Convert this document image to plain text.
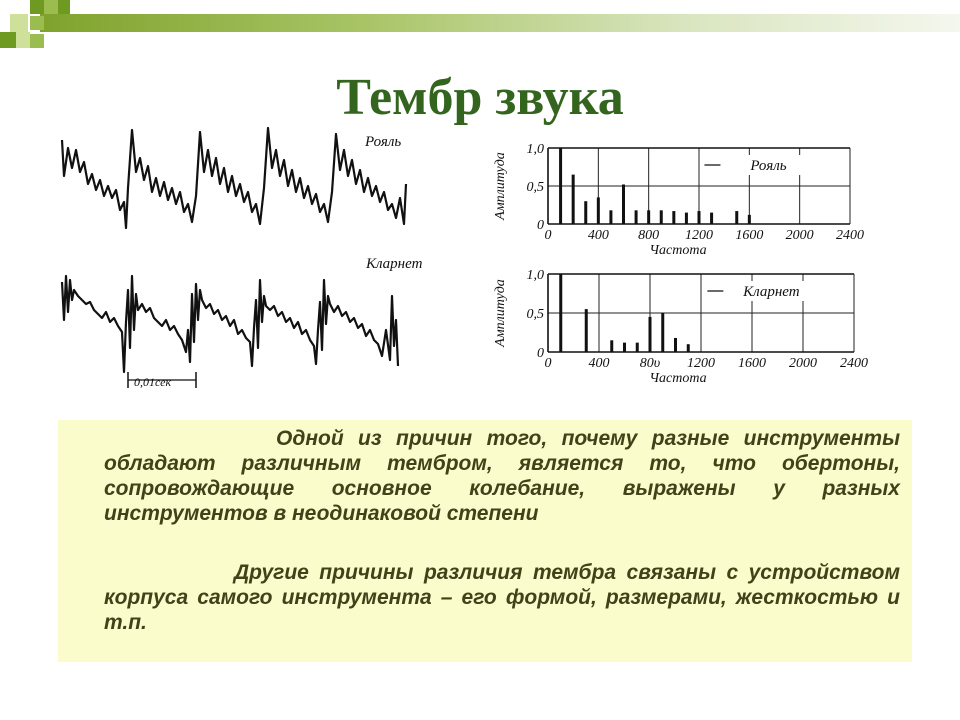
Тембр звука
Рояль
Кларнет
0,01сек
0	400 800 1200 1600 2000 2400
0
0,5
1,0
Частота
Амплитуда	Рояль
0	400 80υ 1200 1600 2000 2400
0
0,5
1,0
Частота
Амплитуда	Кларнет
Одной из причин того, почему разные инструменты обладают различным тембром, является то, что обертоны, сопровождающие основное колебание, выражены у разных инструментов в неодинаковой степени
Другие причины различия тембра связаны с устройством корпуса самого инструмента – его формой, размерами, жесткостью и т.п.
